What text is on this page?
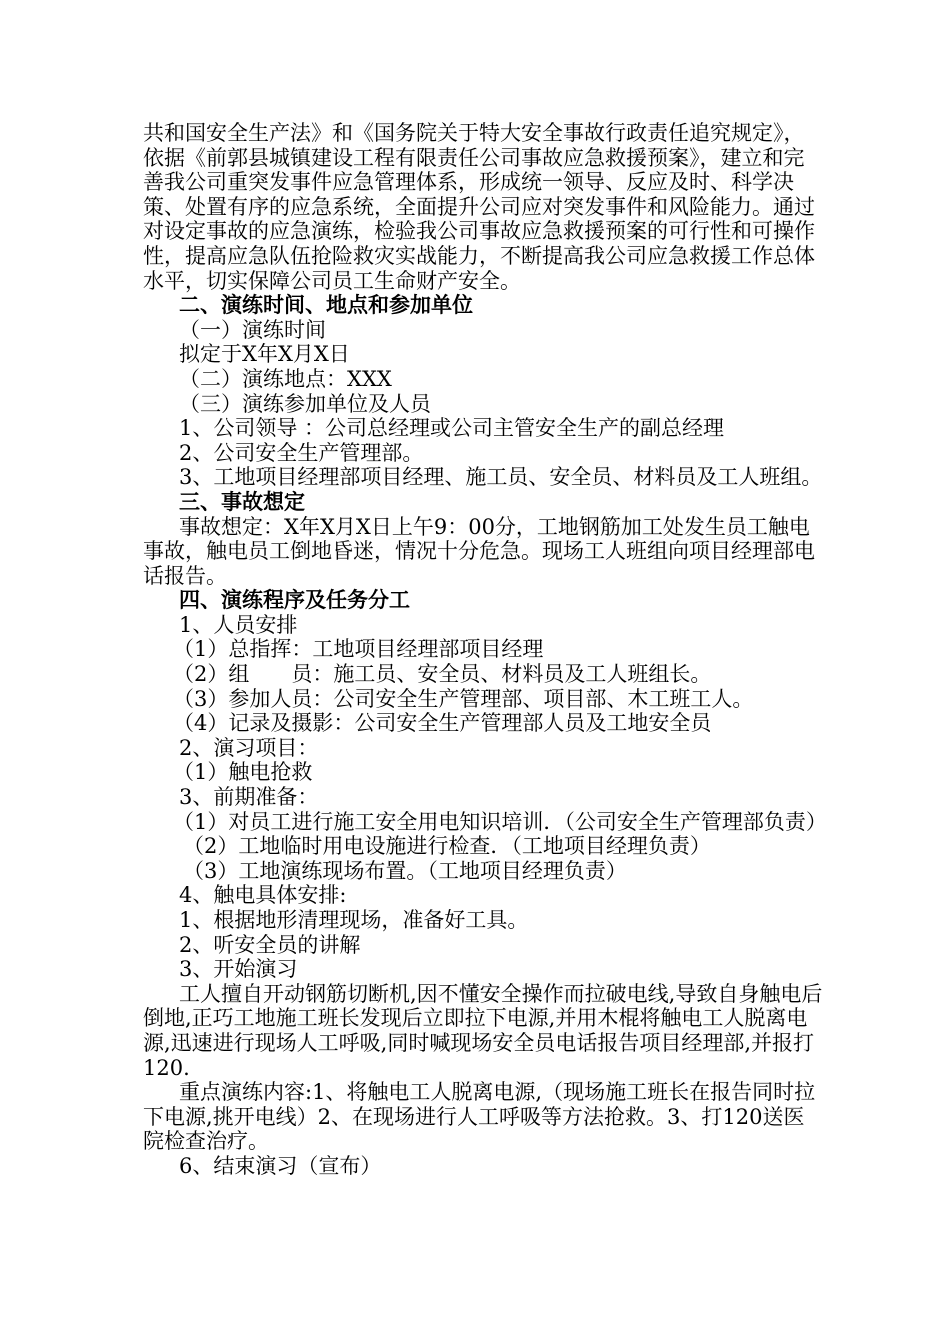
共和国安全生产法》和《国务院关于特大安全事故行政责任追究规定》，依据《前郭县城镇建设工程有限责任公司事故应急救援预案》，建立和完善我公司重突发事件应急管理体系，形成统一领导、反应及时、科学决策、处置有序的应急系统，全面提升公司应对突发事件和风险能力。通过对设定事故的应急演练，检验我公司事故应急救援预案的可行性和可操作性，提高应急队伍抢险救灾实战能力，不断提高我公司应急救援工作总体水平，切实保障公司员工生命财产安全。

二、演练时间、地点和参加单位

（一）演练时间

拟定于X年X月X日

（二）演练地点：XXX

（三）演练参加单位及人员

1、公司领导 ：公司总经理或公司主管安全生产的副总经理

2、公司安全生产管理部。

3、工地项目经理部项目经理、施工员、安全员、材料员及工人班组。

三、事故想定

事故想定：X年X月X日上午9：00分，工地钢筋加工处发生员工触电事故，触电员工倒地昏迷，情况十分危急。现场工人班组向项目经理部电话报告。

四、演练程序及任务分工

1、人员安排

（1）总指挥：工地项目经理部项目经理

（2）组　　员：施工员、安全员、材料员及工人班组长。

（3）参加人员：公司安全生产管理部、项目部、木工班工人。

（4）记录及摄影：公司安全生产管理部人员及工地安全员

2、演习项目：

（1）触电抢救

3、前期准备：

（1）对员工进行施工安全用电知识培训．（公司安全生产管理部负责）

（2）工地临时用电设施进行检查．（工地项目经理负责）

（3）工地演练现场布置。（工地项目经理负责）

4、触电具体安排:

1、根据地形清理现场，准备好工具。

2、听安全员的讲解

3、开始演习

工人擅自开动钢筋切断机,因不懂安全操作而拉破电线,导致自身触电后倒地,正巧工地施工班长发现后立即拉下电源,并用木棍将触电工人脱离电源,迅速进行现场人工呼吸,同时喊现场安全员电话报告项目经理部,并报打120.

重点演练内容:1、将触电工人脱离电源,（现场施工班长在报告同时拉下电源,挑开电线）2、在现场进行人工呼吸等方法抢救。3、打120送医院检查治疗。

6、结束演习（宣布）
